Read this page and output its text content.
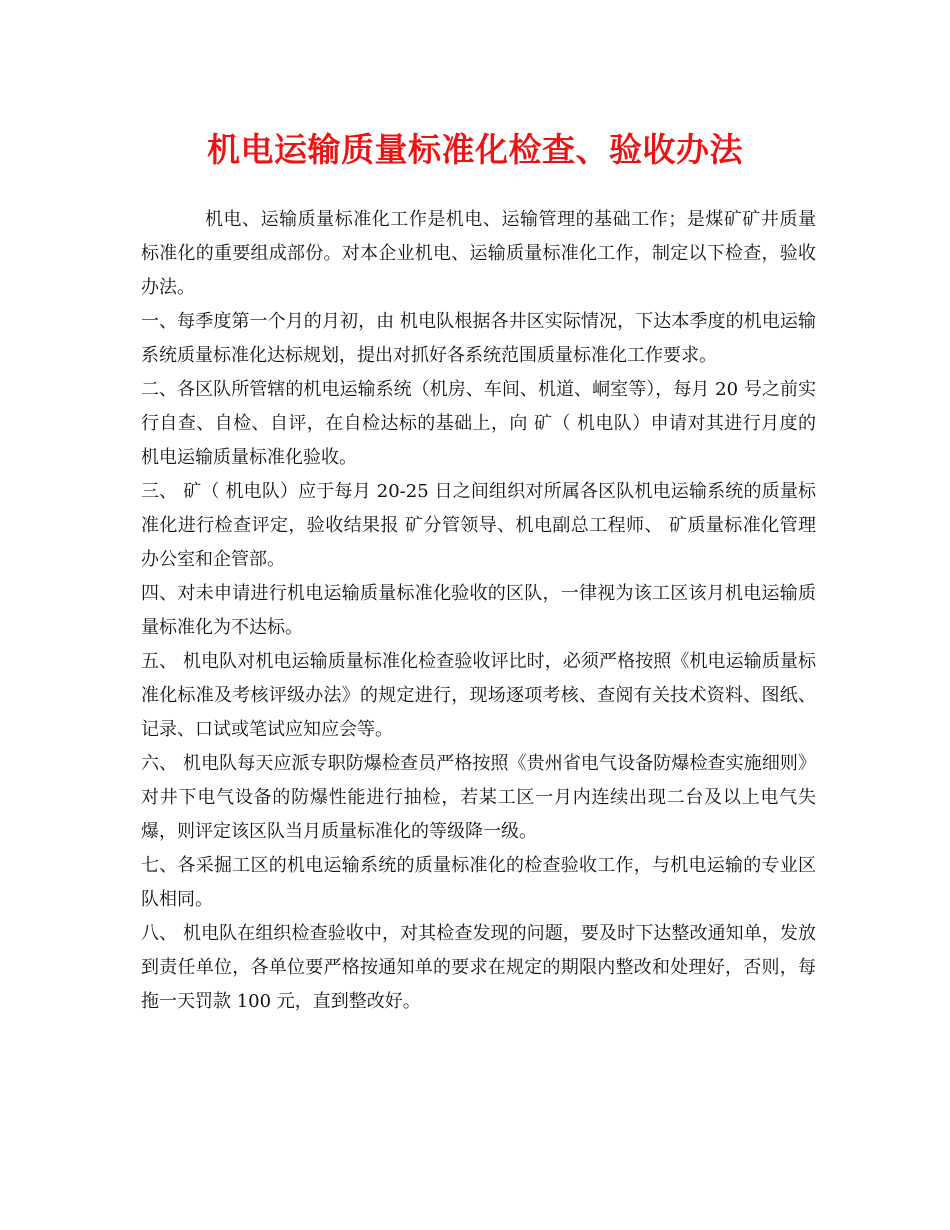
机电运输质量标准化检查、验收办法

机电、运输质量标准化工作是机电、运输管理的基础工作；是煤矿矿井质量标准化的重要组成部份。对本企业机电、运输质量标准化工作，制定以下检查，验收办法。

一、每季度第一个月的月初，由 机电队根据各井区实际情况，下达本季度的机电运输系统质量标准化达标规划，提出对抓好各系统范围质量标准化工作要求。

二、各区队所管辖的机电运输系统（机房、车间、机道、峒室等），每月 20 号之前实行自查、自检、自评，在自检达标的基础上，向 矿（ 机电队）申请对其进行月度的机电运输质量标准化验收。

三、 矿（ 机电队）应于每月 20-25 日之间组织对所属各区队机电运输系统的质量标准化进行检查评定，验收结果报 矿分管领导、机电副总工程师、 矿质量标准化管理办公室和企管部。

四、对未申请进行机电运输质量标准化验收的区队，一律视为该工区该月机电运输质量标准化为不达标。

五、 机电队对机电运输质量标准化检查验收评比时，必须严格按照《机电运输质量标准化标准及考核评级办法》的规定进行，现场逐项考核、查阅有关技术资料、图纸、记录、口试或笔试应知应会等。

六、 机电队每天应派专职防爆检查员严格按照《贵州省电气设备防爆检查实施细则》对井下电气设备的防爆性能进行抽检，若某工区一月内连续出现二台及以上电气失爆，则评定该区队当月质量标准化的等级降一级。

七、各采掘工区的机电运输系统的质量标准化的检查验收工作，与机电运输的专业区队相同。

八、 机电队在组织检查验收中，对其检查发现的问题，要及时下达整改通知单，发放到责任单位，各单位要严格按通知单的要求在规定的期限内整改和处理好，否则，每拖一天罚款 100 元，直到整改好。
